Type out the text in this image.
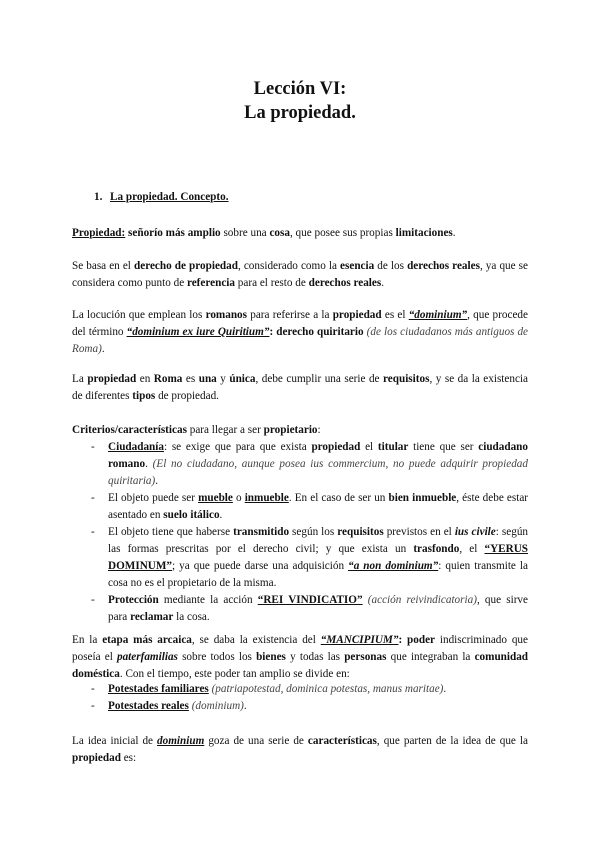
Lección VI:
La propiedad.
1. La propiedad. Concepto.
Propiedad: señorío más amplio sobre una cosa, que posee sus propias limitaciones.
Se basa en el derecho de propiedad, considerado como la esencia de los derechos reales, ya que se considera como punto de referencia para el resto de derechos reales.
La locución que emplean los romanos para referirse a la propiedad es el “dominium”, que procede del término “dominium ex iure Quiritium”: derecho quiritario (de los ciudadanos más antiguos de Roma).
La propiedad en Roma es una y única, debe cumplir una serie de requisitos, y se da la existencia de diferentes tipos de propiedad.
Criterios/características para llegar a ser propietario:
- Ciudadanía: se exige que para que exista propiedad el titular tiene que ser ciudadano romano. (El no ciudadano, aunque posea ius commercium, no puede adquirir propiedad quiritaria).
- El objeto puede ser mueble o inmueble. En el caso de ser un bien inmueble, éste debe estar asentado en suelo itálico.
- El objeto tiene que haberse transmitido según los requisitos previstos en el ius civile: según las formas prescritas por el derecho civil; y que exista un trasfondo, el “YERUS DOMINUM”; ya que puede darse una adquisición “a non dominium”: quien transmite la cosa no es el propietario de la misma.
- Protección mediante la acción “REI VINDICATIO” (acción reivindicatoria), que sirve para reclamar la cosa.
En la etapa más arcaica, se daba la existencia del “MANCIPIUM”: poder indiscriminado que poseía el paterfamilias sobre todos los bienes y todas las personas que integraban la comunidad doméstica. Con el tiempo, este poder tan amplio se divide en:
- Potestades familiares (patriapotestad, dominica potestas, manus maritae).
- Potestades reales (dominium).
La idea inicial de dominium goza de una serie de características, que parten de la idea de que la propiedad es:
